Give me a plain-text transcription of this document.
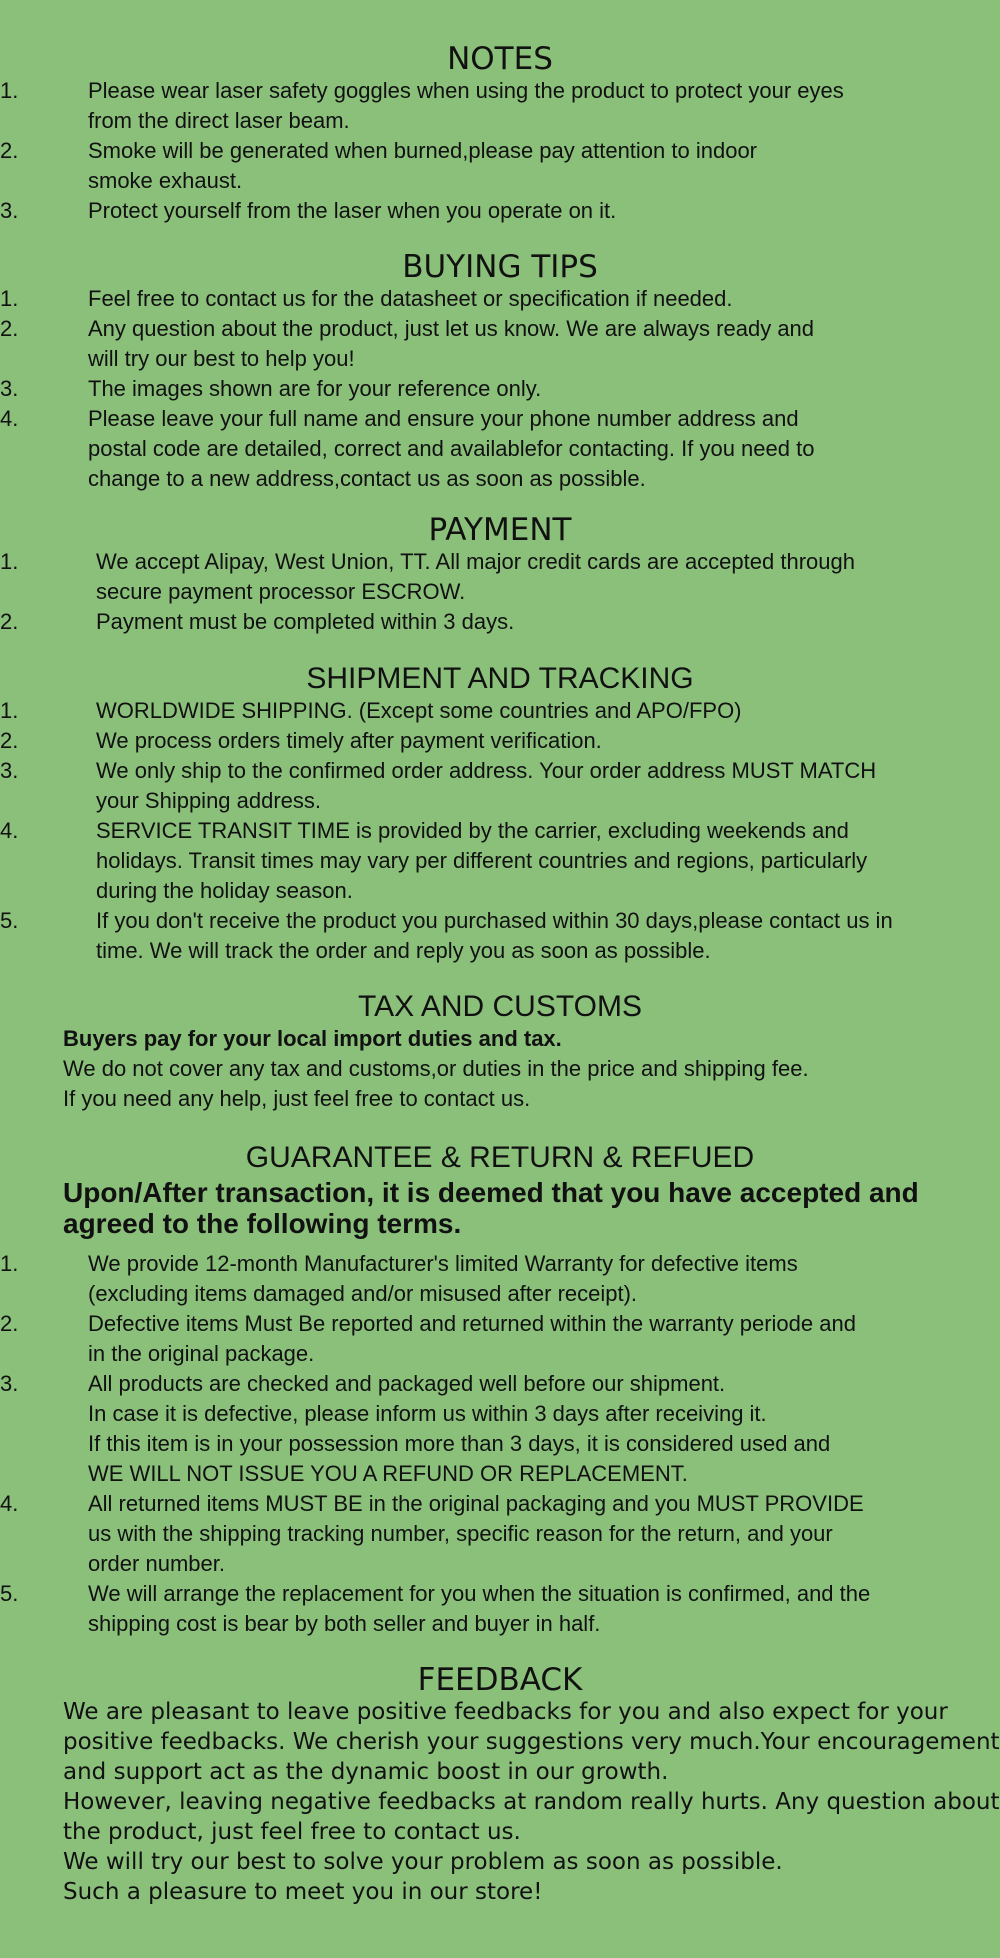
NOTES
1.	Please wear laser safety goggles when using the product to protect your eyes
from the direct laser beam.
2.	Smoke will be generated when burned,please pay attention to indoor
smoke exhaust.
3.	Protect yourself from the laser when you operate on it.
BUYING TIPS
1.	Feel free to contact us for the datasheet or specification if needed.
2.	Any question about the product, just let us know. We are always ready and
will try our best to help you!
3.	The images shown are for your reference only.
4.	Please leave your full name and ensure your phone number address and
postal code are detailed, correct and availablefor contacting. If you need to
change to a new address,contact us as soon as possible.
PAYMENT
1.	We accept Alipay, West Union, TT. All major credit cards are accepted through
secure payment processor ESCROW.
2.	Payment must be completed within 3 days.
SHIPMENT AND TRACKING
1.	WORLDWIDE SHIPPING. (Except some countries and APO/FPO)
2.	We process orders timely after payment verification.
3.	We only ship to the confirmed order address. Your order address MUST MATCH
your Shipping address.
4.	SERVICE TRANSIT TIME is provided by the carrier, excluding weekends and
holidays. Transit times may vary per different countries and regions, particularly
during the holiday season.
5.	If you don't receive the product you purchased within 30 days,please contact us in
time. We will track the order and reply you as soon as possible.
TAX AND CUSTOMS

Buyers pay for your local import duties and tax.
We do not cover any tax and customs,or duties in the price and shipping fee.
If you need any help, just feel free to contact us.

GUARANTEE & RETURN & REFUED

Upon/After transaction, it is deemed that you have accepted and
agreed to the following terms.

1.	We provide 12-month Manufacturer's limited Warranty for defective items
(excluding items damaged and/or misused after receipt).
2.	Defective items Must Be reported and returned within the warranty periode and
in the original package.
3.	All products are checked and packaged well before our shipment.
In case it is defective, please inform us within 3 days after receiving it.
If this item is in your possession more than 3 days, it is considered used and
WE WILL NOT ISSUE YOU A REFUND OR REPLACEMENT.
4.	All returned items MUST BE in the original packaging and you MUST PROVIDE
us with the shipping tracking number, specific reason for the return, and your
order number.
5.	We will arrange the replacement for you when the situation is confirmed, and the
shipping cost is bear by both seller and buyer in half.
FEEDBACK

We are pleasant to leave positive feedbacks for you and also expect for your
positive feedbacks. We cherish your suggestions very much.Your encouragement
and support act as the dynamic boost in our growth.
However, leaving negative feedbacks at random really hurts. Any question about
the product, just feel free to contact us.
We will try our best to solve your problem as soon as possible.
Such a pleasure to meet you in our store!
